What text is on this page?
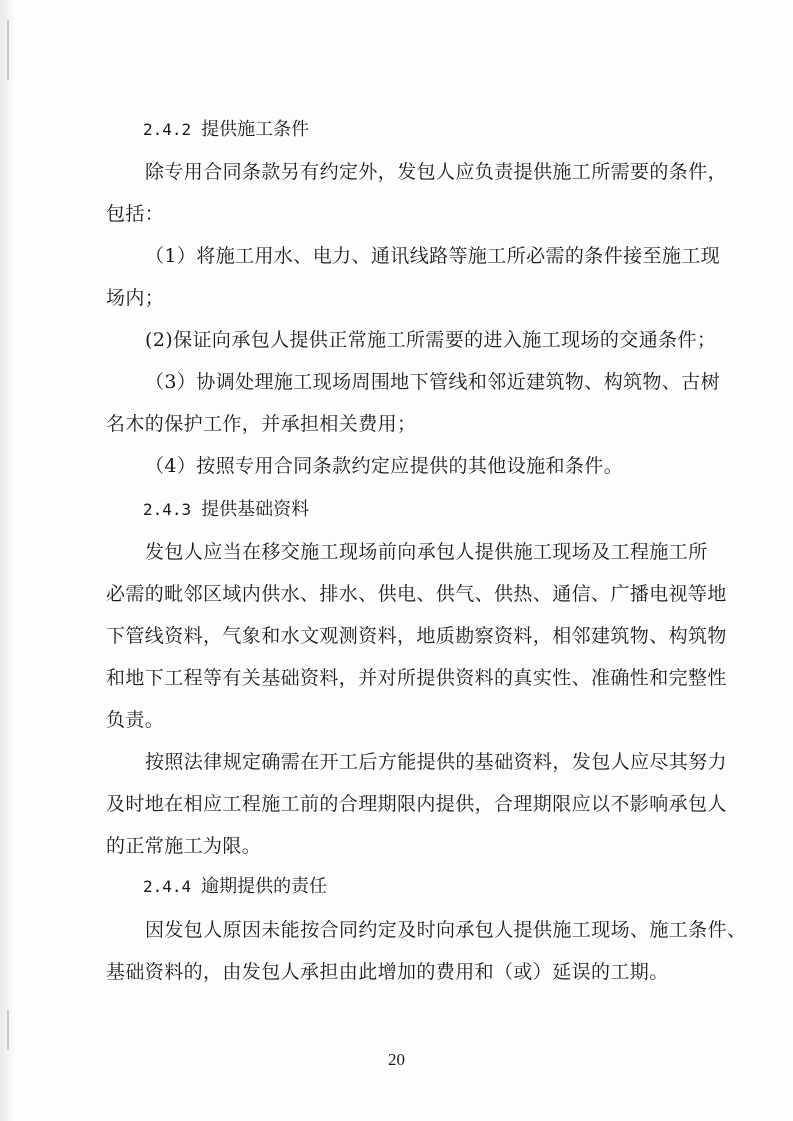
2.4.2 提供施工条件
除专用合同条款另有约定外，发包人应负责提供施工所需要的条件，
包括：
（1）将施工用水、电力、通讯线路等施工所必需的条件接至施工现
场内；
(2)保证向承包人提供正常施工所需要的进入施工现场的交通条件；
（3）协调处理施工现场周围地下管线和邻近建筑物、构筑物、古树
名木的保护工作，并承担相关费用；
（4）按照专用合同条款约定应提供的其他设施和条件。
2.4.3 提供基础资料
发包人应当在移交施工现场前向承包人提供施工现场及工程施工所
必需的毗邻区域内供水、排水、供电、供气、供热、通信、广播电视等地
下管线资料，气象和水文观测资料，地质勘察资料，相邻建筑物、构筑物
和地下工程等有关基础资料，并对所提供资料的真实性、准确性和完整性
负责。
按照法律规定确需在开工后方能提供的基础资料，发包人应尽其努力
及时地在相应工程施工前的合理期限内提供，合理期限应以不影响承包人
的正常施工为限。
2.4.4 逾期提供的责任
因发包人原因未能按合同约定及时向承包人提供施工现场、施工条件、
基础资料的，由发包人承担由此增加的费用和（或）延误的工期。
20
